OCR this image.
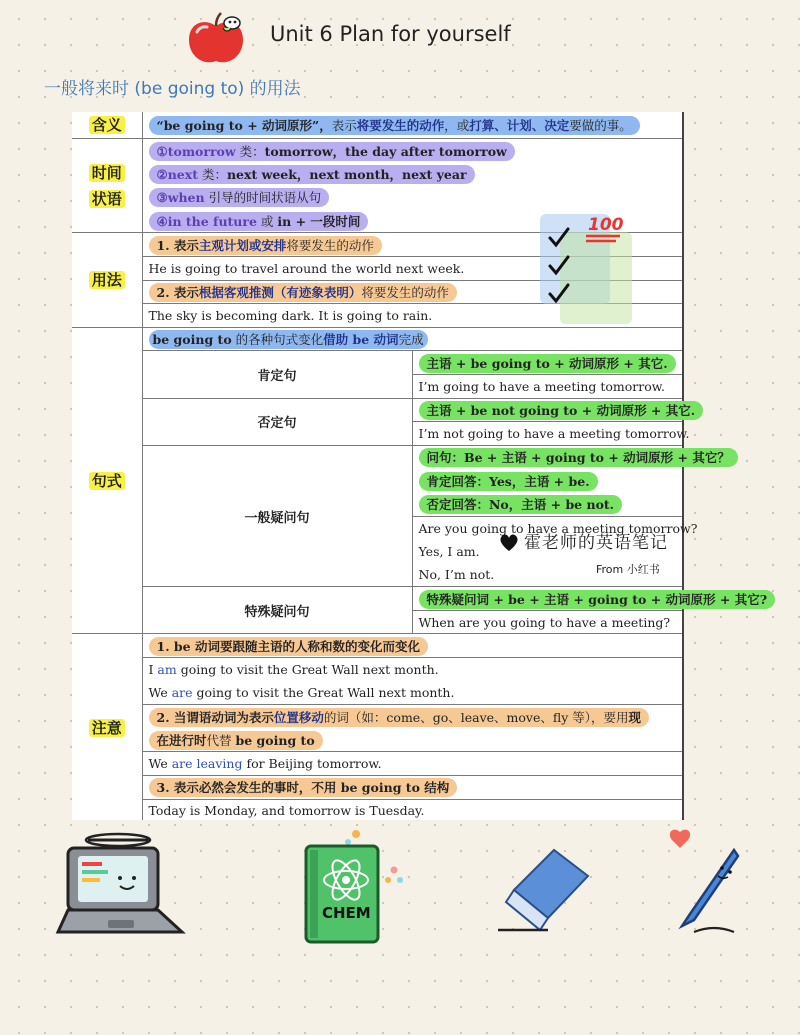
Unit 6 Plan for yourself
一般将来时 (be going to) 的用法
含义	“be going to + 动词原形”，表示将要发生的动作，或打算、计划、决定要做的事。	
时间
状语	①tomorrow 类：tomorrow，the day after tomorrow	
	②next 类：next week，next month，next year	
	③when 引导的时间状语从句	
	④in the future 或 in + 一段时间	
用法	1. 表示主观计划或安排将要发生的动作	
	He is going to travel around the world next week.	
	2. 表示根据客观推测（有迹象表明）将要发生的动作	
	The sky is becoming dark. It is going to rain.	
句式	be going to 的各种句式变化借助 be 动词完成	
	肯定句	主语 + be going to + 动词原形 + 其它.
		I’m going to have a meeting tomorrow.
	否定句	主语 + be not going to + 动词原形 + 其它.
		I’m not going to have a meeting tomorrow.
	一般疑问句	问句：Be + 主语 + going to + 动词原形 + 其它？
		肯定回答：Yes，主语 + be.
		否定回答：No，主语 + be not.
		Are you going to have a meeting tomorrow?
		Yes, I am.
		No, I’m not.
	特殊疑问句	特殊疑问词 + be + 主语 + going to + 动词原形 + 其它?
		When are you going to have a meeting?
注意	1. be 动词要跟随主语的人称和数的变化而变化	
	I am going to visit the Great Wall next month.	
	We are going to visit the Great Wall next month.	
	2. 当谓语动词为表示位置移动的词（如：come、go、leave、move、fly 等），要用现	
	在进行时代替 be going to	
	We are leaving for Beijing tomorrow.	
	3. 表示必然会发生的事时，不用 be going to 结构	
	Today is Monday, and tomorrow is Tuesday.	
100
霍老师的英语笔记
From 小红书
CHEM
